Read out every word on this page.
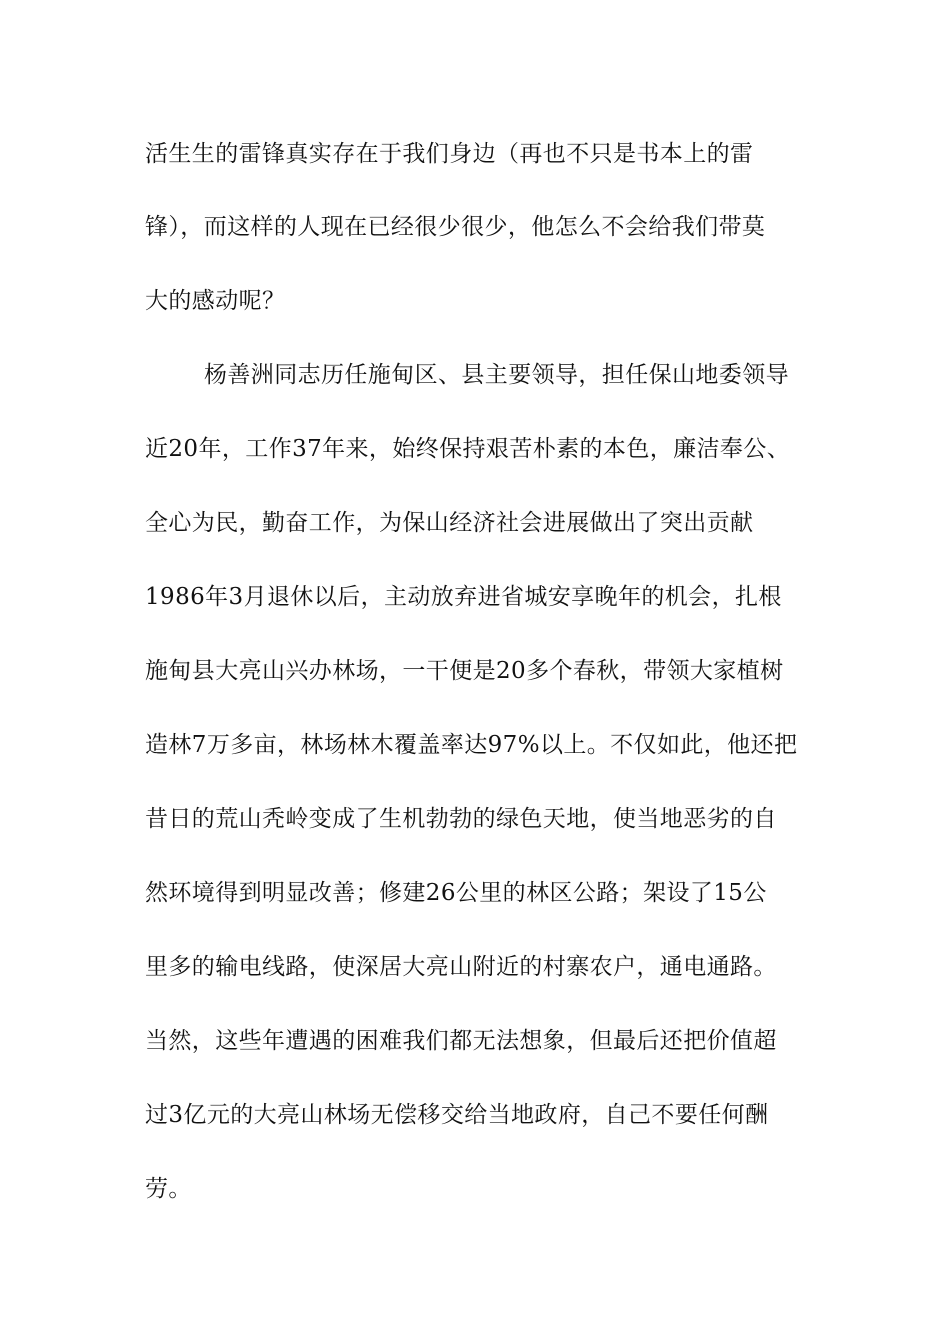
活生生的雷锋真实存在于我们身边（再也不只是书本上的雷
锋），而这样的人现在已经很少很少，他怎么不会给我们带莫
大的感动呢？
杨善洲同志历任施甸区、县主要领导，担任保山地委领导
近20年，工作37年来，始终保持艰苦朴素的本色，廉洁奉公、
全心为民，勤奋工作，为保山经济社会进展做出了突出贡献
1986年3月退休以后，主动放弃进省城安享晚年的机会，扎根
施甸县大亮山兴办林场，一干便是20多个春秋，带领大家植树
造林7万多亩，林场林木覆盖率达97%以上。不仅如此，他还把
昔日的荒山秃岭变成了生机勃勃的绿色天地，使当地恶劣的自
然环境得到明显改善；修建26公里的林区公路；架设了15公
里多的输电线路，使深居大亮山附近的村寨农户，通电通路。
当然，这些年遭遇的困难我们都无法想象，但最后还把价值超
过3亿元的大亮山林场无偿移交给当地政府，自己不要任何酬
劳。
